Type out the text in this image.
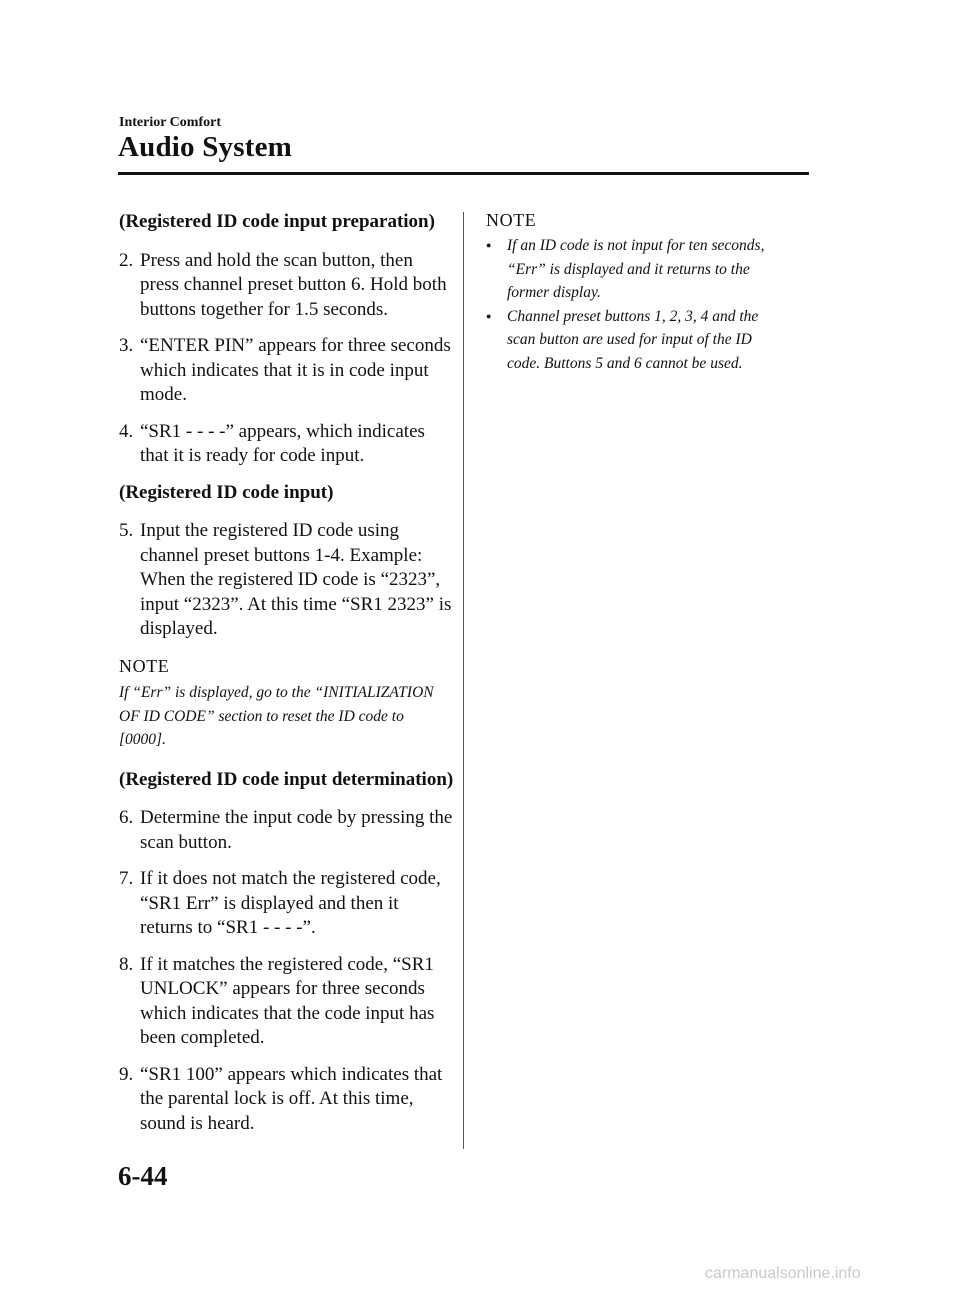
Interior Comfort
Audio System
(Registered ID code input preparation)
2. Press and hold the scan button, then press channel preset button 6. Hold both buttons together for 1.5 seconds.
3. “ENTER PIN” appears for three seconds which indicates that it is in code input mode.
4. “SR1 - - - -” appears, which indicates that it is ready for code input.
(Registered ID code input)
5. Input the registered ID code using channel preset buttons 1-4. Example: When the registered ID code is “2323”, input “2323”. At this time “SR1 2323” is displayed.
NOTE
If “Err” is displayed, go to the “INITIALIZATION OF ID CODE” section to reset the ID code to [0000].
(Registered ID code input determination)
6. Determine the input code by pressing the scan button.
7. If it does not match the registered code, “SR1 Err” is displayed and then it returns to “SR1 - - - -”.
8. If it matches the registered code, “SR1 UNLOCK” appears for three seconds which indicates that the code input has been completed.
9. “SR1 100” appears which indicates that the parental lock is off. At this time, sound is heard.
NOTE
●	If an ID code is not input for ten seconds, “Err” is displayed and it returns to the former display.
●	Channel preset buttons 1, 2, 3, 4 and the scan button are used for input of the ID code. Buttons 5 and 6 cannot be used.
6-44
carmanualsonline.info
